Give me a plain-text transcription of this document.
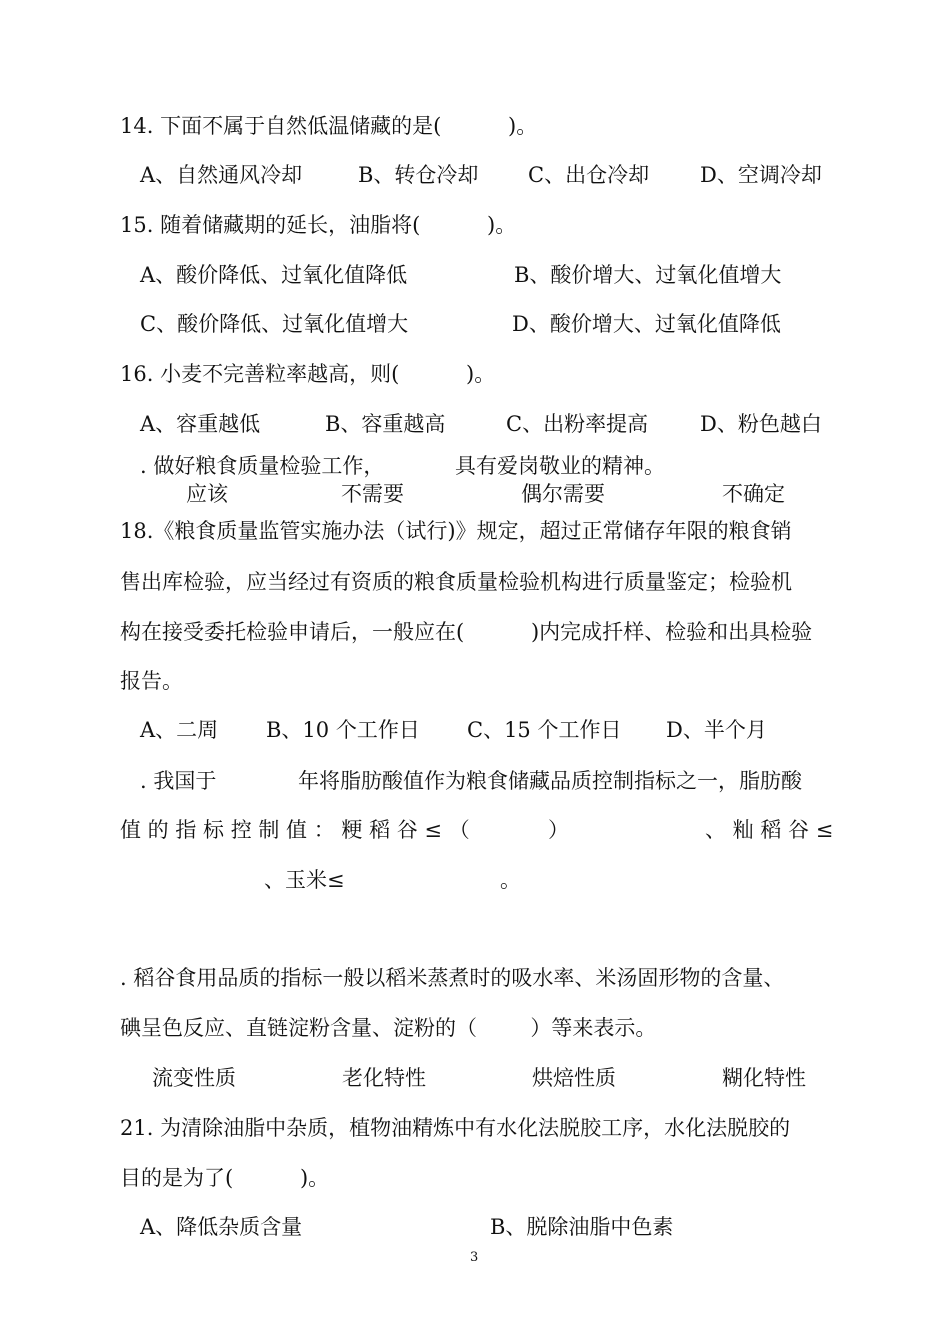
14. 下面不属于自然低温储藏的是(          )。
A、自然通风冷却	B、转仓冷却 C、出仓冷却 D、空调冷却
15. 随着储藏期的延长，油脂将(          )。
A、酸价降低、过氧化值降低	B、酸价增大、过氧化值增大
C、酸价降低、过氧化值增大	D、酸价增大、过氧化值降低
16. 小麦不完善粒率越高，则(          )。
A、容重越低	B、容重越高	C、出粉率提高 D、粉色越白
. 做好粮食质量检验工作，	具有爱岗敬业的精神。
应该	不需要	偶尔需要	不确定
18.《粮食质量监管实施办法（试行)》规定，超过正常储存年限的粮食销
售出库检验，应当经过有资质的粮食质量检验机构进行质量鉴定；检验机
构在接受委托检验申请后，一般应在(          )内完成扦样、检验和出具检验
报告。
A、二周 B、10 个工作日 C、15 个工作日 D、半个月
. 我国于	年将脂肪酸值作为粮食储藏品质控制指标之一，脂肪酸
值 的 指 标 控 制 值 ： 粳 稻 谷 ≤ （	）	、 籼 稻 谷 ≤
、玉米≤	。
. 稻谷食用品质的指标一般以稻米蒸煮时的吸水率、米汤固形物的含量、
碘呈色反应、直链淀粉含量、淀粉的（        ）等来表示。
流变性质	老化特性	烘焙性质	糊化特性
21. 为清除油脂中杂质，植物油精炼中有水化法脱胶工序，水化法脱胶的
目的是为了(          )。
A、降低杂质含量	B、脱除油脂中色素
3
